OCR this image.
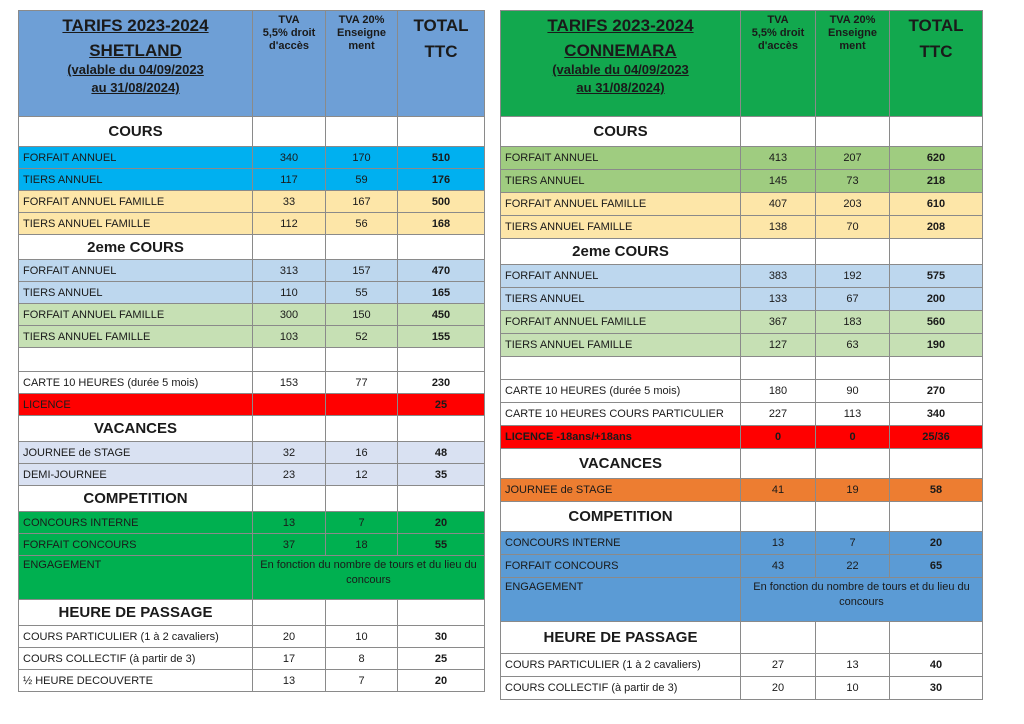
TARIFS 2023-2024
SHETLAND
(valable du 04/09/2023
au 31/08/2024)	TVA
5,5% droit
d'accès	TVA 20%
Enseigne
ment	TOTAL
TTC

COURS			
FORFAIT ANNUEL	340	170	510
TIERS ANNUEL	117	59	176
FORFAIT ANNUEL FAMILLE	33	167	500
TIERS ANNUEL FAMILLE	112	56	168
2eme COURS			
FORFAIT ANNUEL	313	157	470
TIERS ANNUEL	110	55	165
FORFAIT ANNUEL FAMILLE	300	150	450
TIERS ANNUEL FAMILLE	103	52	155

CARTE 10 HEURES (durée 5 mois)	153	77	230
LICENCE			25
VACANCES			
JOURNEE de STAGE	32	16	48
DEMI-JOURNEE	23	12	35
COMPETITION			
CONCOURS INTERNE	13	7	20
FORFAIT CONCOURS	37	18	55
ENGAGEMENT	En fonction du nombre de tours et du lieu du concours		
HEURE DE PASSAGE			
COURS PARTICULIER (1 à 2 cavaliers)	20	10	30
COURS COLLECTIF (à partir de 3)	17	8	25
½ HEURE DECOUVERTE	13	7	20
TARIFS 2023-2024
CONNEMARA
(valable du 04/09/2023
au 31/08/2024)	TVA
5,5% droit
d'accès	TVA 20%
Enseigne
ment	TOTAL
TTC

COURS			
FORFAIT ANNUEL	413	207	620
TIERS ANNUEL	145	73	218
FORFAIT ANNUEL FAMILLE	407	203	610
TIERS ANNUEL FAMILLE	138	70	208
2eme COURS			
FORFAIT ANNUEL	383	192	575
TIERS ANNUEL	133	67	200
FORFAIT ANNUEL FAMILLE	367	183	560
TIERS ANNUEL FAMILLE	127	63	190

CARTE 10 HEURES (durée 5 mois)	180	90	270
CARTE 10 HEURES COURS PARTICULIER	227	113	340
LICENCE -18ans/+18ans	0	0	25/36
VACANCES			
JOURNEE de STAGE	41	19	58
COMPETITION			
CONCOURS INTERNE	13	7	20
FORFAIT CONCOURS	43	22	65
ENGAGEMENT	En fonction du nombre de tours et du lieu du concours		
HEURE DE PASSAGE			
COURS PARTICULIER (1 à 2 cavaliers)	27	13	40
COURS COLLECTIF (à partir de 3)	20	10	30
